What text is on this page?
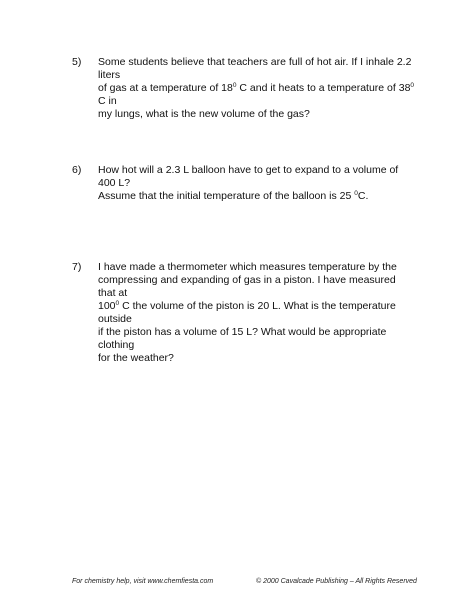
5) Some students believe that teachers are full of hot air. If I inhale 2.2 liters
of gas at a temperature of $18^0$ C and it heats to a temperature of $38^0$ C in
my lungs, what is the new volume of the gas?
6) How hot will a 2.3 L balloon have to get to expand to a volume of 400 L?
Assume that the initial temperature of the balloon is 25 $^0$C.
7) I have made a thermometer which measures temperature by the
compressing and expanding of gas in a piston. I have measured that at
$100^0$ C the volume of the piston is 20 L. What is the temperature outside
if the piston has a volume of 15 L? What would be appropriate clothing
for the weather?
For chemistry help, visit www.chemfiesta.com	© 2000 Cavalcade Publishing – All Rights Reserved
